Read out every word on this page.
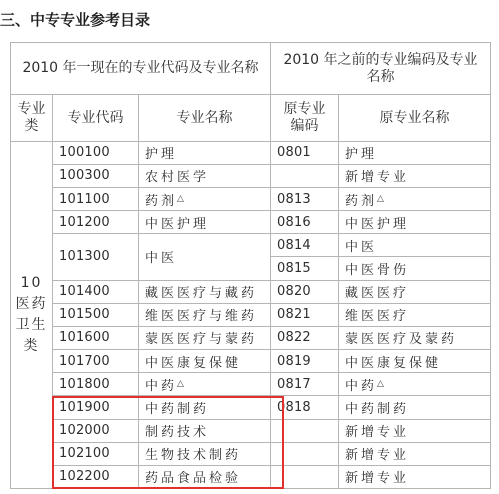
三、中专专业参考目录
2010 年一现在的专业代码及专业名称			2010 年之前的专业编码及专业名称	
专业类	专业代码	专业名称	原专业编码	原专业名称
10 医药卫生类	100100	护理	0801	护理
	100300	农村医学		新增专业
	101100	药剂△	0813	药剂△
	101200	中医护理	0816	中医护理
	101300	中医	0814	中医
			0815	中医骨伤
	101400	藏医医疗与藏药	0820	藏医医疗
	101500	维医医疗与维药	0821	维医医疗
	101600	蒙医医疗与蒙药	0822	蒙医医疗及蒙药
	101700	中医康复保健	0819	中医康复保健
	101800	中药△	0817	中药△
	101900	中药制药	0818	中药制药
	102000	制药技术		新增专业
	102100	生物技术制药		新增专业
	102200	药品食品检验		新增专业
